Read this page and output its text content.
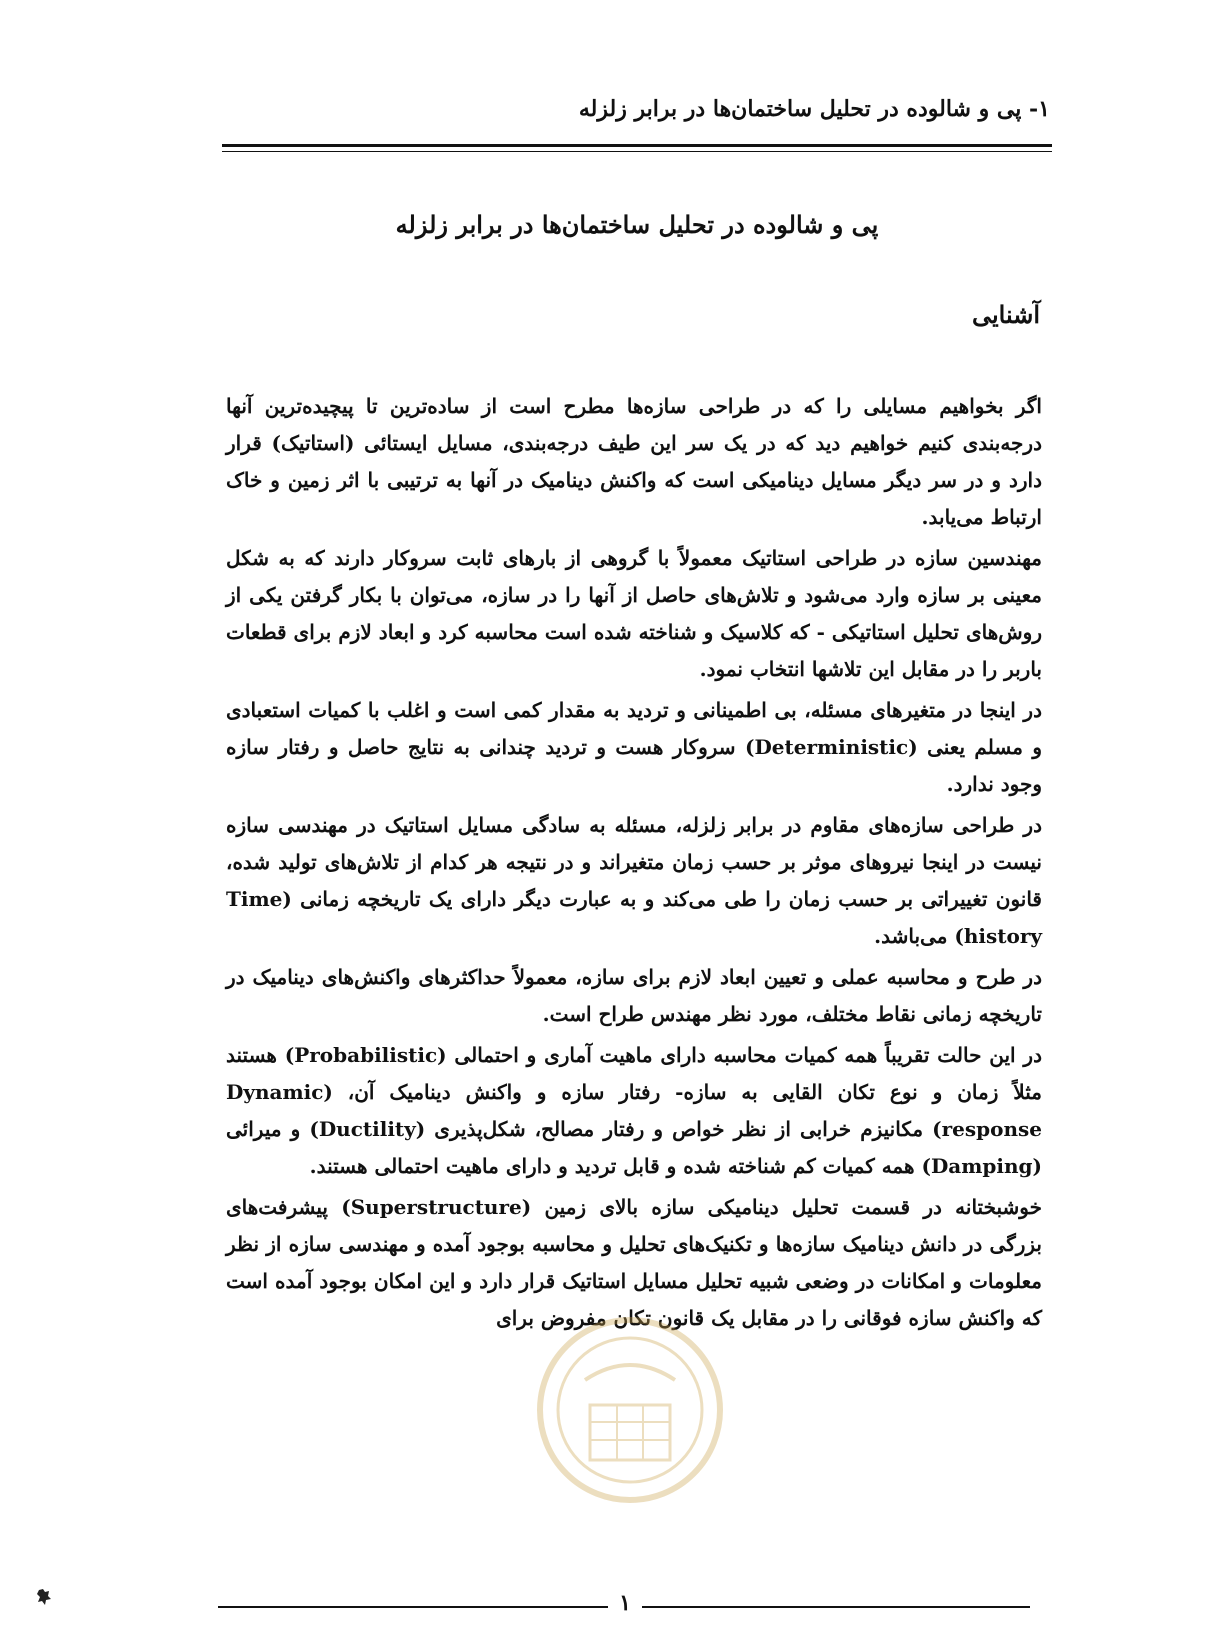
۱- پی و شالوده در تحلیل ساختمان‌ها در برابر زلزله
پی و شالوده در تحلیل ساختمان‌ها در برابر زلزله
آشنایی

اگر بخواهیم مسایلی را که در طراحی سازه‌ها مطرح است از ساده‌ترین تا پیچیده‌ترین آنها درجه‌بندی کنیم خواهیم دید که در یک سر این طیف درجه‌بندی، مسایل ایستائی (استاتیک) قرار دارد و در سر دیگر مسایل دینامیکی است که واکنش دینامیک در آنها به ترتیبی با اثر زمین و خاک ارتباط می‌یابد.

مهندسین سازه در طراحی استاتیک معمولاً با گروهی از بارهای ثابت سروکار دارند که به شکل معینی بر سازه وارد می‌شود و تلاش‌های حاصل از آنها را در سازه، می‌توان با بکار گرفتن یکی از روش‌های تحلیل استاتیکی - که کلاسیک و شناخته شده است محاسبه کرد و ابعاد لازم برای قطعات باربر را در مقابل این تلاشها انتخاب نمود.

در اینجا در متغیرهای مسئله، بی اطمینانی و تردید به مقدار کمی است و اغلب با کمیات استعبادی و مسلم یعنی (Deterministic) سروکار هست و تردید چندانی به نتایج حاصل و رفتار سازه وجود ندارد.

در طراحی سازه‌های مقاوم در برابر زلزله، مسئله به سادگی مسایل استاتیک در مهندسی سازه نیست در اینجا نیروهای موثر بر حسب زمان متغیراند و در نتیجه هر کدام از تلاش‌های تولید شده، قانون تغییراتی بر حسب زمان را طی می‌کند و به عبارت دیگر دارای یک تاریخچه زمانی (Time history) می‌باشد.

در طرح و محاسبه عملی و تعیین ابعاد لازم برای سازه، معمولاً حداکثرهای واکنش‌های دینامیک در تاریخچه زمانی نقاط مختلف، مورد نظر مهندس طراح است.

در این حالت تقریباً همه کمیات محاسبه دارای ماهیت آماری و احتمالی (Probabilistic) هستند مثلاً زمان و نوع تکان القایی به سازه- رفتار سازه و واکنش دینامیک آن، (Dynamic response) مکانیزم خرابی از نظر خواص و رفتار مصالح، شکل‌پذیری (Ductility) و میرائی (Damping) همه کمیات کم شناخته شده و قابل تردید و دارای ماهیت احتمالی هستند.

خوشبختانه در قسمت تحلیل دینامیکی سازه بالای زمین (Superstructure) پیشرفت‌های بزرگی در دانش دینامیک سازه‌ها و تکنیک‌های تحلیل و محاسبه بوجود آمده و مهندسی سازه از نظر معلومات و امکانات در وضعی شبیه تحلیل مسایل استاتیک قرار دارد و این امکان بوجود آمده است که واکنش سازه فوقانی را در مقابل یک قانون تکان مفروض برای

۱
